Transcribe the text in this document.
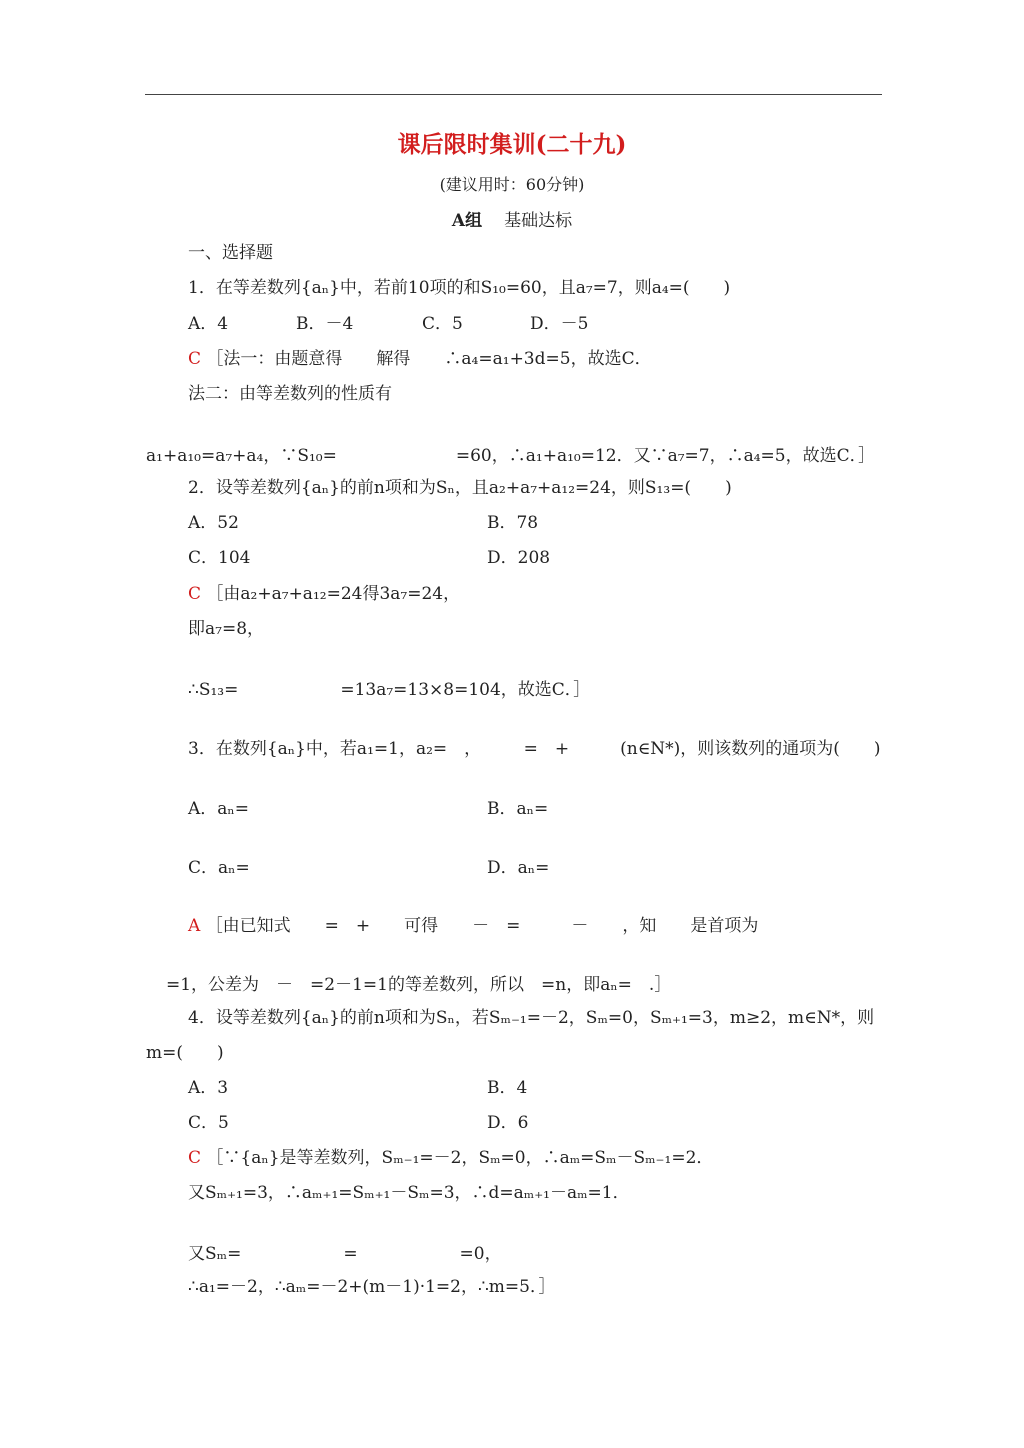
课后限时集训(二十九)
(建议用时：60分钟)
A组 基础达标
一、选择题
1．在等差数列{aₙ}中，若前10项的和S₁₀=60，且a₇=7，则a₄=(　　)
A．4	B．－4	C．5	D．－5
C ［法一：由题意得　　解得　　∴a₄=a₁+3d=5，故选C．
法二：由等差数列的性质有
a₁+a₁₀=a₇+a₄，∵S₁₀=　　　　　　　=60，∴a₁+a₁₀=12．又∵a₇=7，∴a₄=5，故选C．］
2．设等差数列{aₙ}的前n项和为Sₙ，且a₂+a₇+a₁₂=24，则S₁₃=(　　)
A．52	B．78
C．104	D．208
C ［由a₂+a₇+a₁₂=24得3a₇=24，
即a₇=8，
∴S₁₃=　　　　　　=13a₇=13×8=104，故选C．］
3．在数列{aₙ}中，若a₁=1，a₂=　，　　　=　+　　　(n∈N*)，则该数列的通项为(　　)
A．aₙ=	B．aₙ=
C．aₙ=	D．aₙ=
A ［由已知式　　=　+　　可得　　－　=　　　－　　，知　　是首项为
=1，公差为　－　=2－1=1的等差数列，所以　=n，即aₙ=　.］
4．设等差数列{aₙ}的前n项和为Sₙ，若Sₘ₋₁=－2，Sₘ=0，Sₘ₊₁=3，m≥2，m∈N*，则
m=(　　)
A．3	B．4
C．5	D．6
C ［∵{aₙ}是等差数列，Sₘ₋₁=－2，Sₘ=0，∴aₘ=Sₘ－Sₘ₋₁=2．
又Sₘ₊₁=3，∴aₘ₊₁=Sₘ₊₁－Sₘ=3，∴d=aₘ₊₁－aₘ=1．
又Sₘ=　　　　　　=　　　　　　=0，
∴a₁=－2，∴aₘ=－2+(m－1)·1=2，∴m=5．］
